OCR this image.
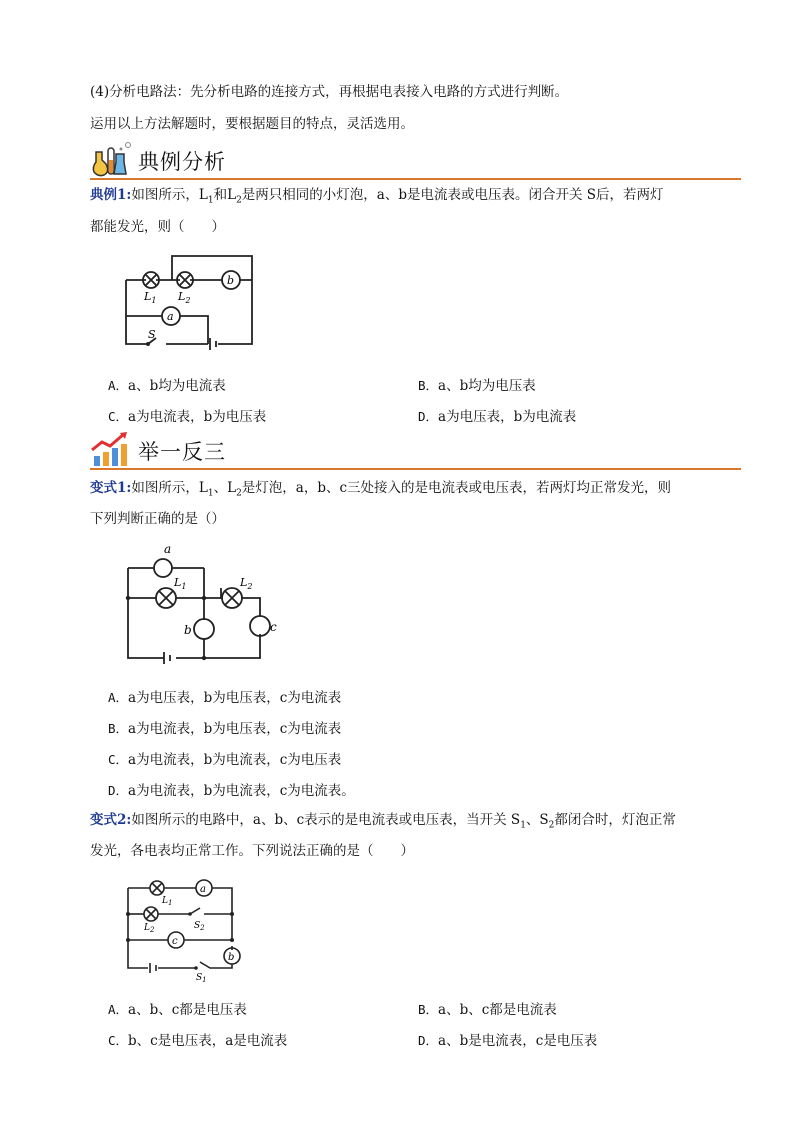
(4)分析电路法：先分析电路的连接方式，再根据电表接入电路的方式进行判断。
运用以上方法解题时，要根据题目的特点，灵活选用。
典例分析
典例1:如图所示，$L_1$和$L_2$是两只相同的小灯泡，a、b是电流表或电压表。闭合开关 S后，若两灯
都能发光，则（　　）
b
a
$L_1$ $L_2$
S
A．a、b均为电流表	B．a、b均为电压表
C．a为电流表，b为电压表	D．a为电压表，b为电流表
举一反三
变式1:如图所示，$L_1$、$L_2$是灯泡，a，b、c三处接入的是电流表或电压表，若两灯均正常发光，则
下列判断正确的是（）
a
b	c
$L_1$	$L_2$
A．a为电压表，b为电压表，c为电流表
B．a为电流表，b为电压表，c为电流表
C．a为电流表，b为电流表，c为电压表
D．a为电流表，b为电流表，c为电流表。
变式2:如图所示的电路中，a、b、c表示的是电流表或电压表，当开关 $S_1$、$S_2$都闭合时，灯泡正常
发光，各电表均正常工作。下列说法正确的是（　　）
a
b
c
$L_1$
$L_2$	$S_2$
$S_1$
A．a、b、c都是电压表	B．a、b、c都是电流表
C．b、c是电压表，a是电流表	D．a、b是电流表，c是电压表
